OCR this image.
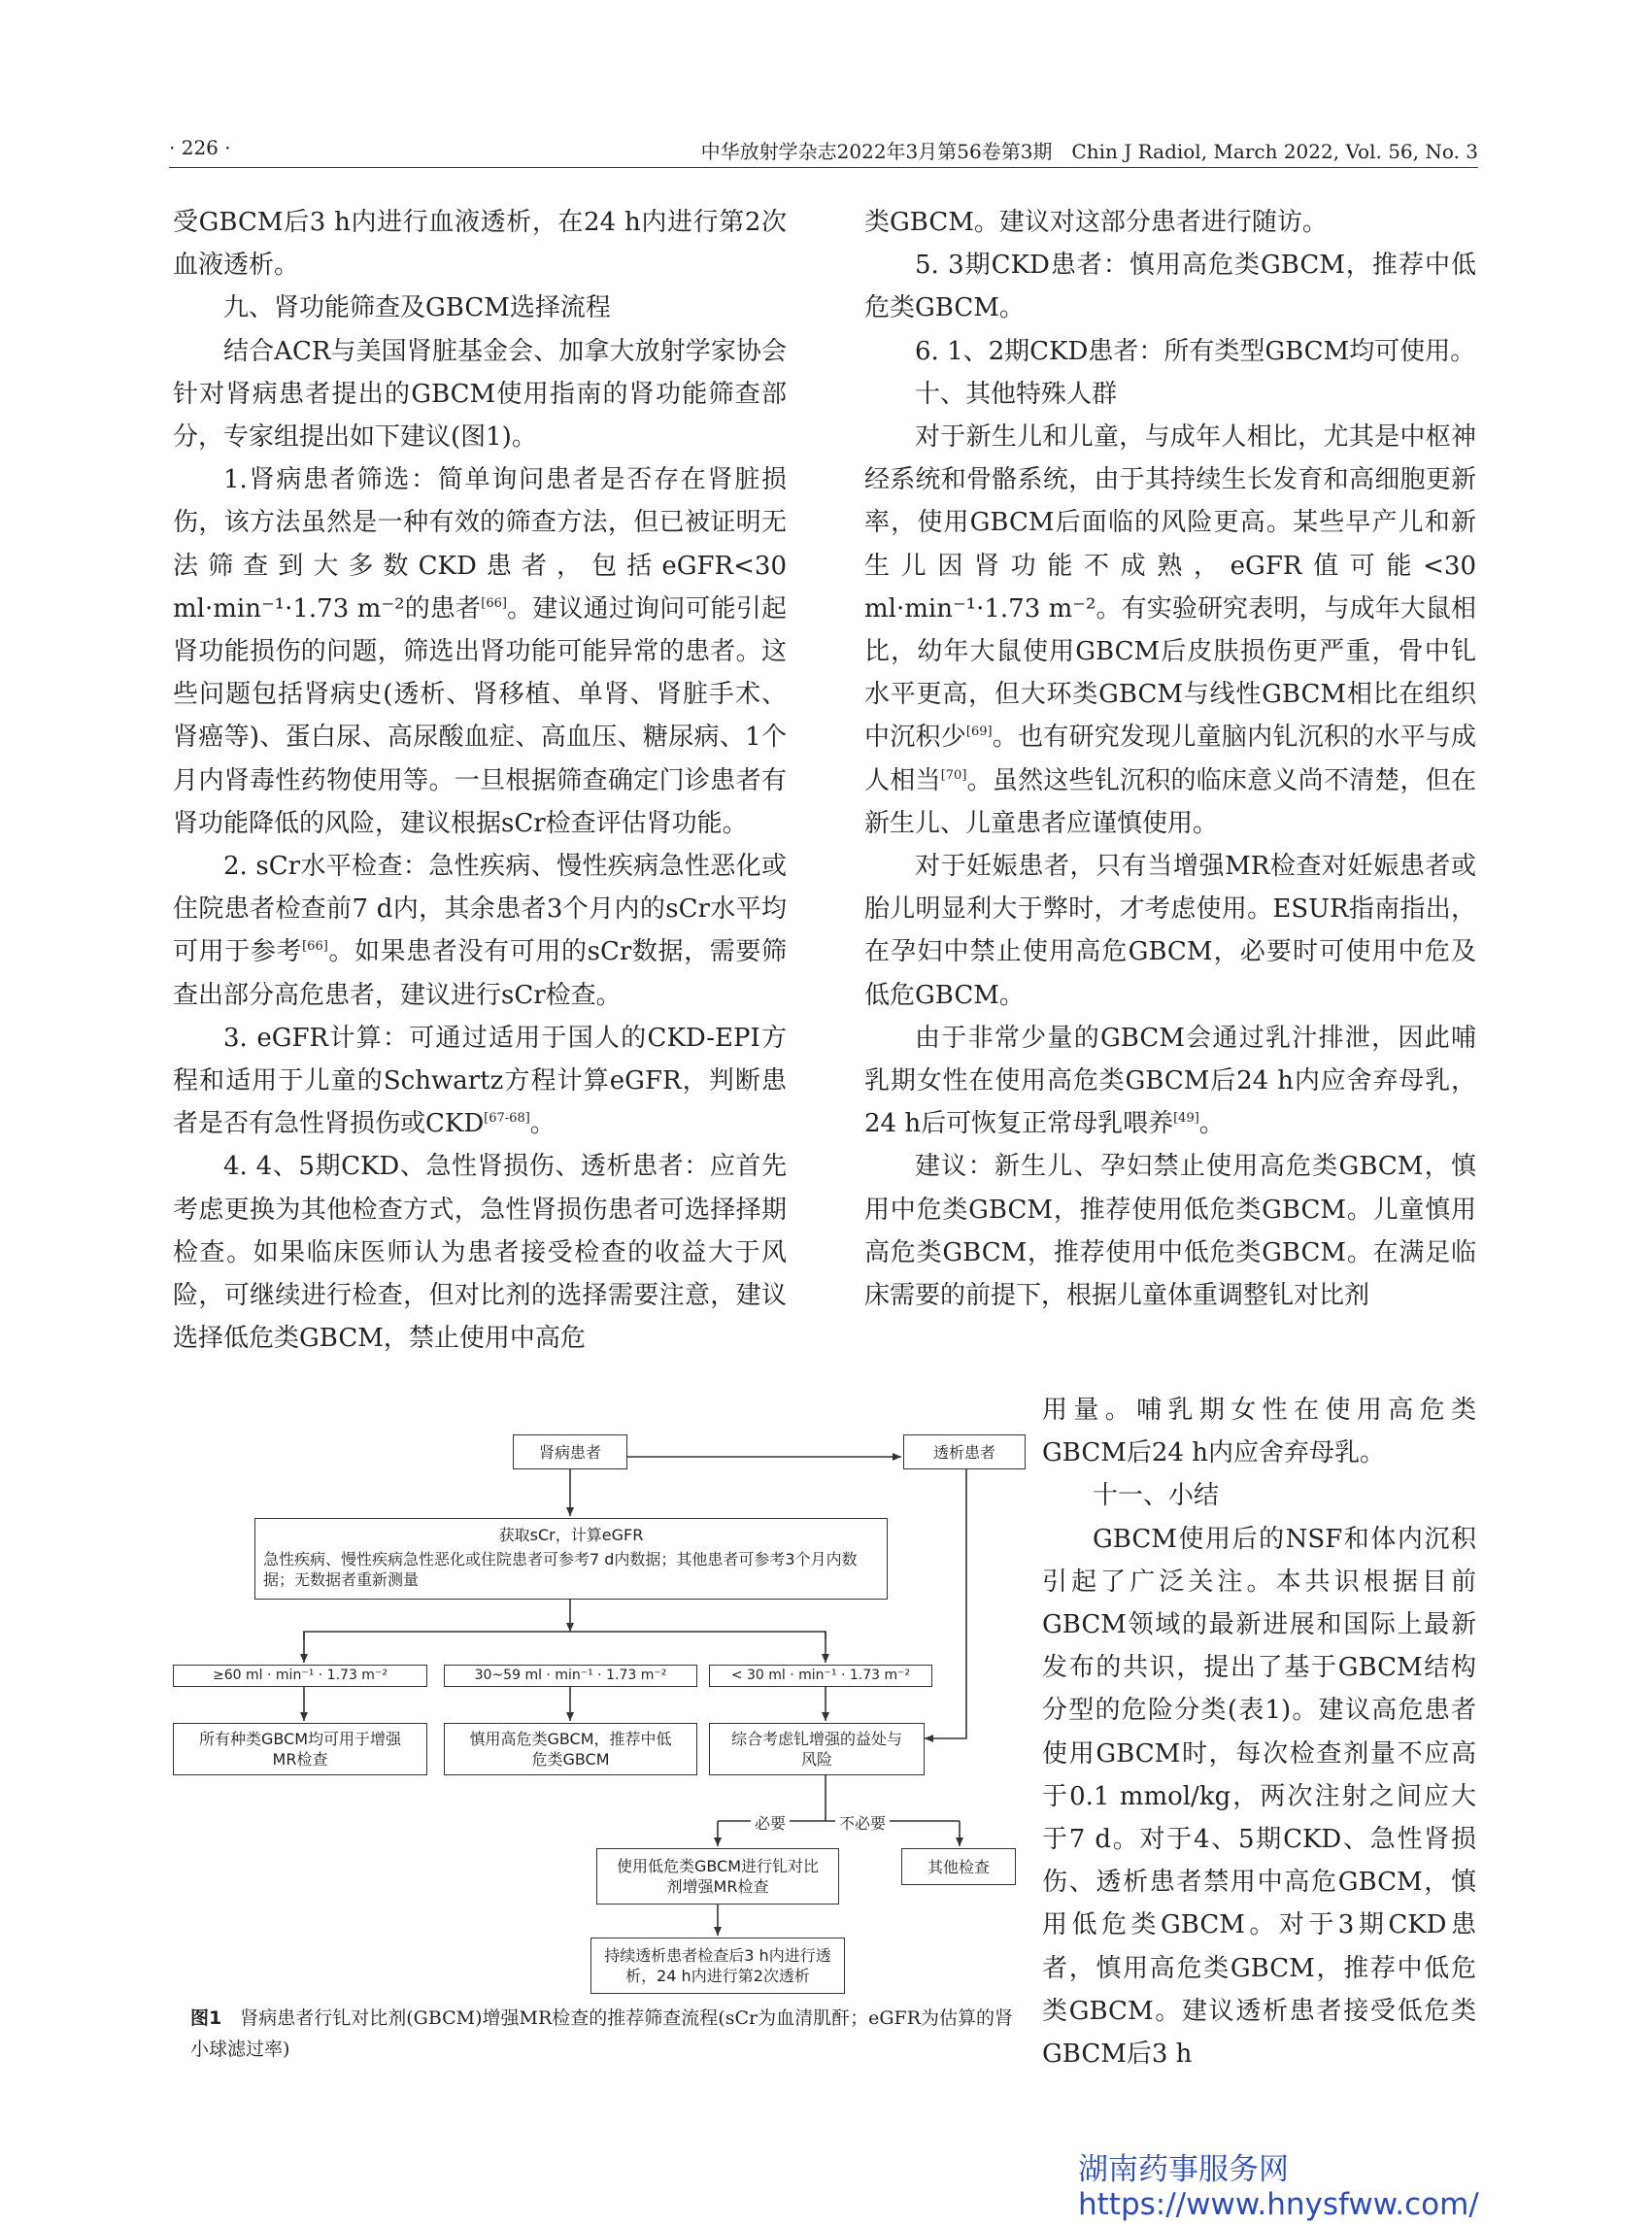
· 226 ·	中华放射学杂志2022年3月第56卷第3期　Chin J Radiol, March 2022, Vol. 56, No. 3

受GBCM后3 h内进行血液透析，在24 h内进行第2次血液透析。

九、肾功能筛查及GBCM选择流程

结合ACR与美国肾脏基金会、加拿大放射学家协会针对肾病患者提出的GBCM使用指南的肾功能筛查部分，专家组提出如下建议(图1)。

1.肾病患者筛选：简单询问患者是否存在肾脏损伤，该方法虽然是一种有效的筛查方法，但已被证明无法筛查到大多数CKD患者，包括eGFR<30 ml·min⁻¹·1.73 m⁻²的患者[66]。建议通过询问可能引起肾功能损伤的问题，筛选出肾功能可能异常的患者。这些问题包括肾病史(透析、肾移植、单肾、肾脏手术、肾癌等)、蛋白尿、高尿酸血症、高血压、糖尿病、1个月内肾毒性药物使用等。一旦根据筛查确定门诊患者有肾功能降低的风险，建议根据sCr检查评估肾功能。

2. sCr水平检查：急性疾病、慢性疾病急性恶化或住院患者检查前7 d内，其余患者3个月内的sCr水平均可用于参考[66]。如果患者没有可用的sCr数据，需要筛查出部分高危患者，建议进行sCr检查。

3. eGFR计算：可通过适用于国人的CKD-EPI方程和适用于儿童的Schwartz方程计算eGFR，判断患者是否有急性肾损伤或CKD[67-68]。

4. 4、5期CKD、急性肾损伤、透析患者：应首先考虑更换为其他检查方式，急性肾损伤患者可选择择期检查。如果临床医师认为患者接受检查的收益大于风险，可继续进行检查，但对比剂的选择需要注意，建议选择低危类GBCM，禁止使用中高危

类GBCM。建议对这部分患者进行随访。

5. 3期CKD患者：慎用高危类GBCM，推荐中低危类GBCM。

6. 1、2期CKD患者：所有类型GBCM均可使用。

十、其他特殊人群

对于新生儿和儿童，与成年人相比，尤其是中枢神经系统和骨骼系统，由于其持续生长发育和高细胞更新率，使用GBCM后面临的风险更高。某些早产儿和新生儿因肾功能不成熟，eGFR值可能<30 ml·min⁻¹·1.73 m⁻²。有实验研究表明，与成年大鼠相比，幼年大鼠使用GBCM后皮肤损伤更严重，骨中钆水平更高，但大环类GBCM与线性GBCM相比在组织中沉积少[69]。也有研究发现儿童脑内钆沉积的水平与成人相当[70]。虽然这些钆沉积的临床意义尚不清楚，但在新生儿、儿童患者应谨慎使用。

对于妊娠患者，只有当增强MR检查对妊娠患者或胎儿明显利大于弊时，才考虑使用。ESUR指南指出，在孕妇中禁止使用高危GBCM，必要时可使用中危及低危GBCM。

由于非常少量的GBCM会通过乳汁排泄，因此哺乳期女性在使用高危类GBCM后24 h内应舍弃母乳，24 h后可恢复正常母乳喂养[49]。

建议：新生儿、孕妇禁止使用高危类GBCM，慎用中危类GBCM，推荐使用低危类GBCM。儿童慎用高危类GBCM，推荐使用中低危类GBCM。在满足临床需要的前提下，根据儿童体重调整钆对比剂

用量。哺乳期女性在使用高危类GBCM后24 h内应舍弃母乳。

十一、小结

GBCM使用后的NSF和体内沉积引起了广泛关注。本共识根据目前GBCM领域的最新进展和国际上最新发布的共识，提出了基于GBCM结构分型的危险分类(表1)。建议高危患者使用GBCM时，每次检查剂量不应高于0.1 mmol/kg，两次注射之间应大于7 d。对于4、5期CKD、急性肾损伤、透析患者禁用中高危GBCM，慎用低危类GBCM。对于3期CKD患者，慎用高危类GBCM，推荐中低危类GBCM。建议透析患者接受低危类GBCM后3 h

肾病患者	透析患者
获取sCr，计算eGFR
急性疾病、慢性疾病急性恶化或住院患者可参考7 d内数据；其他患者可参考3个月内数据；无数据者重新测量
≥60 ml · min⁻¹ · 1.73 m⁻²	30~59 ml · min⁻¹ · 1.73 m⁻²	< 30 ml · min⁻¹ · 1.73 m⁻²
所有种类GBCM均可用于增强MR检查
慎用高危类GBCM，推荐中低危类GBCM
综合考虑钆增强的益处与风险
必要	不必要
使用低危类GBCM进行钆对比剂增强MR检查
其他检查
持续透析患者检查后3 h内进行透析，24 h内进行第2次透析
图1　肾病患者行钆对比剂(GBCM)增强MR检查的推荐筛查流程(sCr为血清肌酐；eGFR为估算的肾小球滤过率)
湖南药事服务网
https://www.hnysfww.com/
